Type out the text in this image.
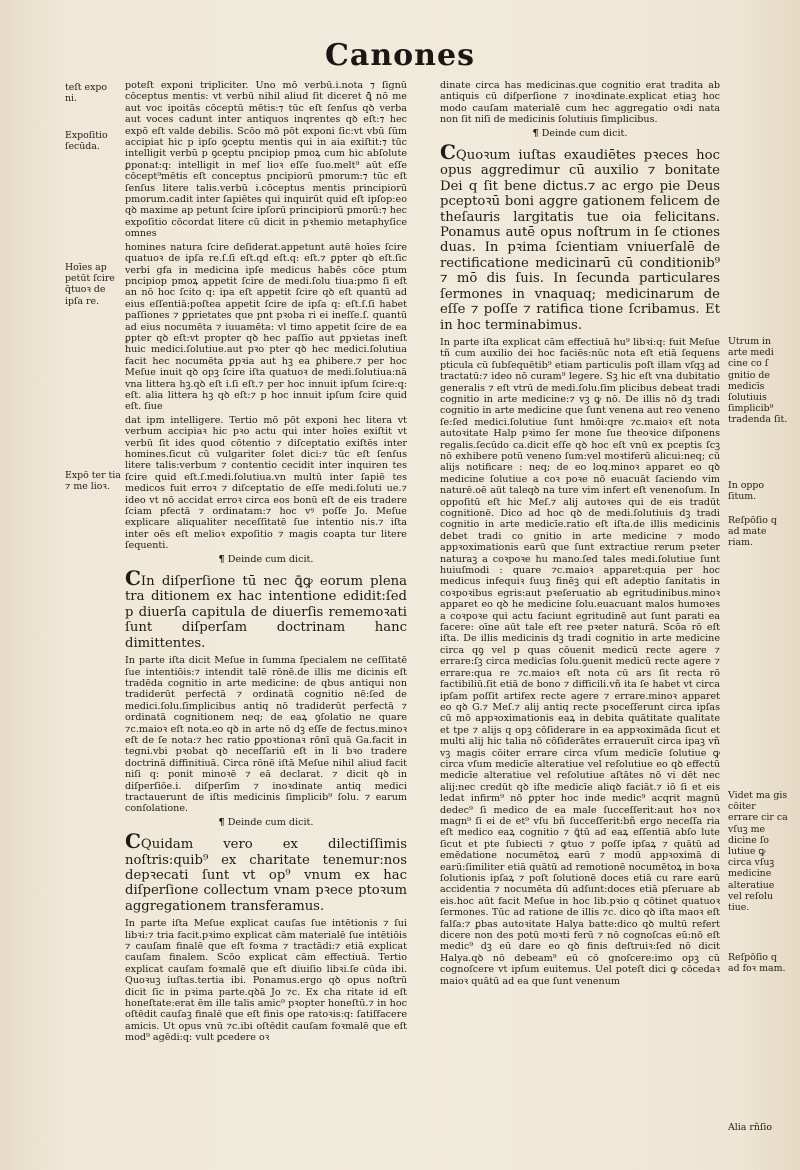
Canones
teſt expo ni.
Expoſitio ſecūda.
Hoīes ap petūt ſcire q̄tuoꝛ de ipſa re.
Expō ter tia ⁊ me lioꝛ.

poteſt exponi tripliciter. Uno mō verbū.i.nota ⁊ ſignū cōceptus mentis: vt verbū nihil aliud ſit diceret ꝗ̄ nō me aut voc ipoitās cōceptū mētis:⁊ tūc eſt ſenſus qꝺ verba aut voces cadunt inter antiquos inqrentes qꝺ eſt:⁊ hec expō eſt valde debilis. Scōo mō pōt exponi ſic:vt vbū ſūm accipiat hic p ipſo ꝯceptu mentis qui in aia exiſtit:⁊ tūc intelligit verbū p ꝯceptu pncipiop pmoꝝ cum hic abſolute ꝑponat:q: intelligit in meſ lioꝛ eſſe ſuo.melt⁹ aūt eſſe cōcept⁹mētis eſt conceptus pncipiorū pmorum:⁊ tūc eſt ſenſus litere talis.verbū i.cōceptus mentis principiorū pmorum.cadit inter ſapiētes qui inquirūt quid eſt ipſop:eo qꝺ maxime ap petunt ſcire ipſorū principiorū pmorū:⁊ hec expoſitio cōcordat litere cū dicit in pꝛhemio metaphyſice omnes

homines natura ſcire deſiderat.appetunt autē hoīes ſcire quatuoꝛ de ipſa re.ſ.ſi eſt.qd eſt.q: eſt.⁊ ꝑpter qꝺ eſt.ſic verbi gfa in medicina ipſe medicus habēs cōce ptum pncipiop pmoꝝ appetit ſcire de medi.ſolu tiua:pmo ſi eſt an nō hoc ſcito q: ipa eſt appetit ſcire qꝺ eſt quantū ad eius eſſentiā:poſtea appetit ſcire de ipſa q: eſt.ſ.ſi habet paſſiones ⁊ ꝑprietates que pnt pꝛoba ri ei ineſſe.ſ. quantū ad eius nocumēta ⁊ iuuamēta: vl timo appetit ſcire de ea ꝑpter qꝺ eſt:vt propter qꝺ hec paſſio aut ꝑpꝛietas ineſt huic medici.ſolutiue.aut pꝛo pter qꝺ hec medici.ſolutiua facit hec nocumēta ꝑpꝛia aut hꝫ ea ꝑhibere.⁊ per hoc Meſue inuit qꝺ opꝫ ſcire iſta quatuoꝛ de medi.ſolutiua:nā vna littera hꝫ.qꝺ eſt i.ſi eſt.⁊ per hoc innuit ipſum ſcire:q: eſt. alia littera hꝫ qꝺ eſt:⁊ p hoc innuit ipſum ſcire quid eſt. ſiue

dat ipm intelligere. Tertio mō pōt exponi hec litera vt verbum accipiaꝛ hic pꝛo actu qui inter hoīes exiſtit vt verbū ſit ides quod cōtentio ⁊ diſceptatio exiſtēs inter homines.ſicut cū vulgariter ſolet dici:⁊ tūc eſt ſenſus litere talis:verbum ⁊ contentio cecidit inter inquiren tes ſcire quid eſt.ſ.medi.ſolutiua.vn multū inter ſapiē tes medicos fuit erroꝛ ⁊ diſceptatio de eſſe medi.ſoluti ue.⁊ ideo vt nō accidat erroꝛ circa eos bonū eſt de eis tradere ſciam pfectā ⁊ ordinatam:⁊ hoc vꝰ poſſe Jo. Meſue explicare aliqualiter neceſſitatē ſue intentio nis.⁊ iſta inter oēs eſt melioꝛ expoſitio ⁊ magis coapta tur litere ſequenti.

¶ Deinde cum dicit.

CIn diſperſione tū nec ꝗ̄ꝙ eorum plena tra ditionem ex hac intentione edidit:ſed p diuerſa capitula de diuerſis rememoꝛati ſunt diſperſam doctrinam hanc dimittentes.

In parte iſta dicit Meſue in ſumma ſpecialem ne ceſſitatē ſue intentiōis:⁊ intendit talē rōnē.de illis me dicinis eſt tradēda cognitio in arte medicine: de qbus antiqui non tradiderūt perfectā ⁊ ordinatā cognitio nē:ſed de medici.ſolu.ſimplicibus antiq nō tradiderūt perfectā ⁊ ordinatā cognitionem neq; de eaꝝ ꝯſolatio ne quare ⁊c.maioꝛ eſt nota.eo qꝺ in arte nō dꝫ eſſe de fectus.minoꝛ eſt de ſe nota:⁊ hec ratio ꝑpoꝛtionaꝛ rōnī quā Ga.facit in tegni.vbi pꝛobat qꝺ neceſſariū eſt in li bꝛo tradere doctrinā diffinitiuā. Circa rōnē iſtā Meſue nihil aliud facit niſi q: ponit minoꝛē ⁊ eā declarat. ⁊ dicit qꝺ in diſperſiōe.i. diſperſim ⁊ inoꝛdinate antiq medici tractauerunt de iſtis medicinis ſimplicib⁹ ſolu. ⁊ earum conſolatione.

¶ Deinde cum dicit.

CQuidam vero ex dilectiſſimis noſtris:quib⁹ ex charitate tenemur:nos depꝛecati ſunt vt op⁹ vnum ex hac diſperſione collectum vnam pꝛece ptoꝛum aggregationem transferamus.

In parte iſta Meſue explicat cauſas ſue intētionis ⁊ ſui libꝛi:⁊ tria facit.pꝛimo explicat cām materialē ſue intētiōis ⁊ cauſam finalē que eſt foꝛma ⁊ tractādi:⁊ etiā explicat cauſam finalem. Scōo explicat cām effectiuā. Tertio explicat cauſam foꝛmalē que eſt diuiſio libꝛi.ſe cūda ibi. Quoꝛuꝫ iuſtas.tertia ibi. Ponamus.ergo qꝺ opus noſtrū dicit ſic in pꝛima parte.qꝺā Jo ⁊c. Ex cha ritate id eſt honeſtate:erat ēm ille talis amic⁹ pꝛopter honeſtū.⁊ in hoc oſtēdit cauſaꝫ finalē que eſt finis ope ratoꝛis:q: ſatiſfacere amicis. Ut opus vnū ⁊c.ibi oſtēdit cauſam foꝛmalē que eſt mod⁹ agēdi:q: vult ꝑcedere oꝛ

dinate circa has medicinas.que cognitio erat tradita ab antiquis cū diſperſione ⁊ inoꝛdinate.explicat etiaꝫ hoc modo cauſam materialē cum hec aggregatio oꝛdi nata non ſit niſi de medicinis ſolutiuis ſimplicibus.

¶ Deinde cum dicit.

CQuoꝛum iuſtas exaudiētes pꝛeces hoc opus aggredimur cū auxilio ⁊ bonitate Dei q ſit bene dictus.⁊ ac ergo pie Deus pceptoꝛū boni aggre gationem felicem de theſauris largitatis tue oia felicitans. Ponamus autē opus noſtrum in ſe ctiones duas. In pꝛima ſcientiam vniuerſalē de rectificatione medicinarū cū conditionib⁹ ⁊ mō dis ſuis. In ſecunda particulares ſermones in vnaquaq; medicinarum de eſſe ⁊ poſſe ⁊ ratifica tione ſcribamus. Et in hoc terminabimus.

In parte iſta explicat cām effectiuā hu⁹ libꝛi:q: fuit Meſue tñ cum auxilio dei hoc faciēs:nūc nota eſt etiā ſequens pticula cū ſubſequētib⁹ etiam particulis poſt illam vſqꝫ ad tractatū:⁊ ideo nō curam⁹ legere. Sꝫ hic eſt vna dubitatio generalis ⁊ eſt vtrū de medi.ſolu.ſim plicibus debeat tradi cognitio in arte medicine:⁊ vꝫ ꝙ nō. De illis nō dꝫ tradi cognitio in arte medicine que ſunt venena aut reo veneno ſe:ſed medici.ſolutiue ſunt hmōi:qre ⁊c.maioꝛ eſt nota autoꝛitate Halp pꝛimo ſer mone ſue theoꝛice diſponens regalis.ſecūdo ca.dicit eſſe qꝺ hoc eſt vnū ex pceptis ſcꝫ nō exhibere potū veneno ſum:vel moꝛtiferū alicui:neq; cū alijs notificare : neq; de eo loq.minoꝛ apparet eo qꝺ medicine ſolutiue a coꝛ poꝛe nō euacuāt ſaciendo vim naturē.oē aūt taleqꝺ na ture vim infert eſt venenoſum. In oppoſitū eſt hic Meſ.⁊ alij autoꝛes qui de eis tradūt cognitionē. Dico ad hoc qꝺ de medi.ſolutiuis dꝫ tradi cognitio in arte medicīe.ratio eſt iſta.de illis medicinis debet tradi co gnitio in arte medicine ⁊ modo appꝛoximationis earū que ſunt extractiue rerum pꝛeter naturaꝫ a coꝛpoꝛe hu mano.ſed tales medi.ſolutiue ſunt huiuſmodi : quare ⁊c.maioꝛ apparet:quia per hoc medicus infequiꝛ ſuuꝫ finēꝫ qui eſt adeptio ſanitatis in coꝛpoꝛibus egris:aut pꝛeſeruatio ab egritudinibus.minoꝛ apparet eo qꝺ he medicine ſolu.euacuant malos humoꝛes a coꝛpoꝛe qui actu faciunt egritudinē aut ſunt parati ea facere: oīne aūt tale eſt ree pꝛeter naturā. Scōa rō eſt iſta. De illis medicinis dꝫ tradi cognitio in arte medicine circa qꝯ vel p quas cōuenit medicū recte agere ⁊ errare:ſꝫ circa medicīas ſolu.ꝯuenit medicū recte agere ⁊ errare:qua re ⁊c.maioꝛ eſt nota cū ars ſit recta rō factibiliū.ſit etiā de bono ⁊ difficili.vñ ita ſe habet vt circa ipſam poſſit artifex recte agere ⁊ errare.minoꝛ apparet eo qꝺ G.⁊ Meſ.⁊ alij antiq recte pꝛoceſſerunt circa ipſas cū mō appꝛoximationis eaꝝ in debita quātitate qualitate et tpe ⁊ alijs q opꝫ cōſiderare in ea appꝛoximāda ſicut et multi alij hic talia nō cōſiderātes erraueruīt circa ipaꝫ vñ vꝫ magis cōiter errare circa vſum medicīe ſolutiue ꝙ circa vſum medicīe alteratiue vel reſolutiue eo qꝺ effectū medicīe alteratiue vel reſolutiue aſtātes nō vi dēt nec alij:nec credūt qꝺ iſte medicīe aliqꝺ faciāt.⁊ iō ſi et eis ledat infirm⁹ nō ꝑpter hoc inde medic⁹ acqrit magnū dedec⁹ ſi medico de ea male ſucceſſerit:aut hoꝛ noꝛ magn⁹ ſi ei de et⁹ vſu bñ ſucceſſerit:bñ ergo neceſſa ria eſt medico eaꝝ cognitio ⁊ ꝗ̄tū ad eaꝝ eſſentiā abſo lute ſicut et pte ſubiecti ⁊ ꝙtuo ⁊ poſſe ipſaꝝ ⁊ quātū ad emēdatione nocumētoꝝ earū ⁊ modū appꝛoximā di earū:ſimiliter etiā quātū ad remotionē nocumētoꝝ in boꝛa ſolutionis ipſaꝝ ⁊ poſt ſolutionē doces etiā cu rare earū accidentia ⁊ nocumēta dū adſunt:doces etiā pſeruare ab eis.hoc aūt facit Meſue in hoc lib.pꝛio q cōtinet quatuoꝛ ſermones. Tūc ad ratione de illis ⁊c. dico qꝺ iſta maoꝛ eſt falſa:⁊ ꝑbas autoꝛitate Halya batte:dico qꝺ multū refert dicere non des potū moꝛti ferū ⁊ nō cognoſcas eū:nō eſt medic⁹ dꝫ eū dare eo qꝺ finis deſtruiꝛ:ſed nō dicit Halya.qꝺ nō debeam⁹ eū cō gnoſcere:imo opꝫ cū cognoſcere vt ipſum euitemus. Uel poteſt dici ꝙ cōcedaꝛ maioꝛ quātū ad ea que ſunt venenum

Utrum in arte medi cine co ſ gnitio de medicīs ſolutiuis ſimplicib⁹ tradenda ſit.
In oppo ſitum.
Reſpōſio q ad mate riam.
Videt ma gis cōiter errare cir ca vſuꝫ me dicine ſo lutiue ꝙ circa vſuꝫ medicine alteratiue vel reſolu tiue.
Reſpōſio q ad foꝛ mam.
Alia rñſio
